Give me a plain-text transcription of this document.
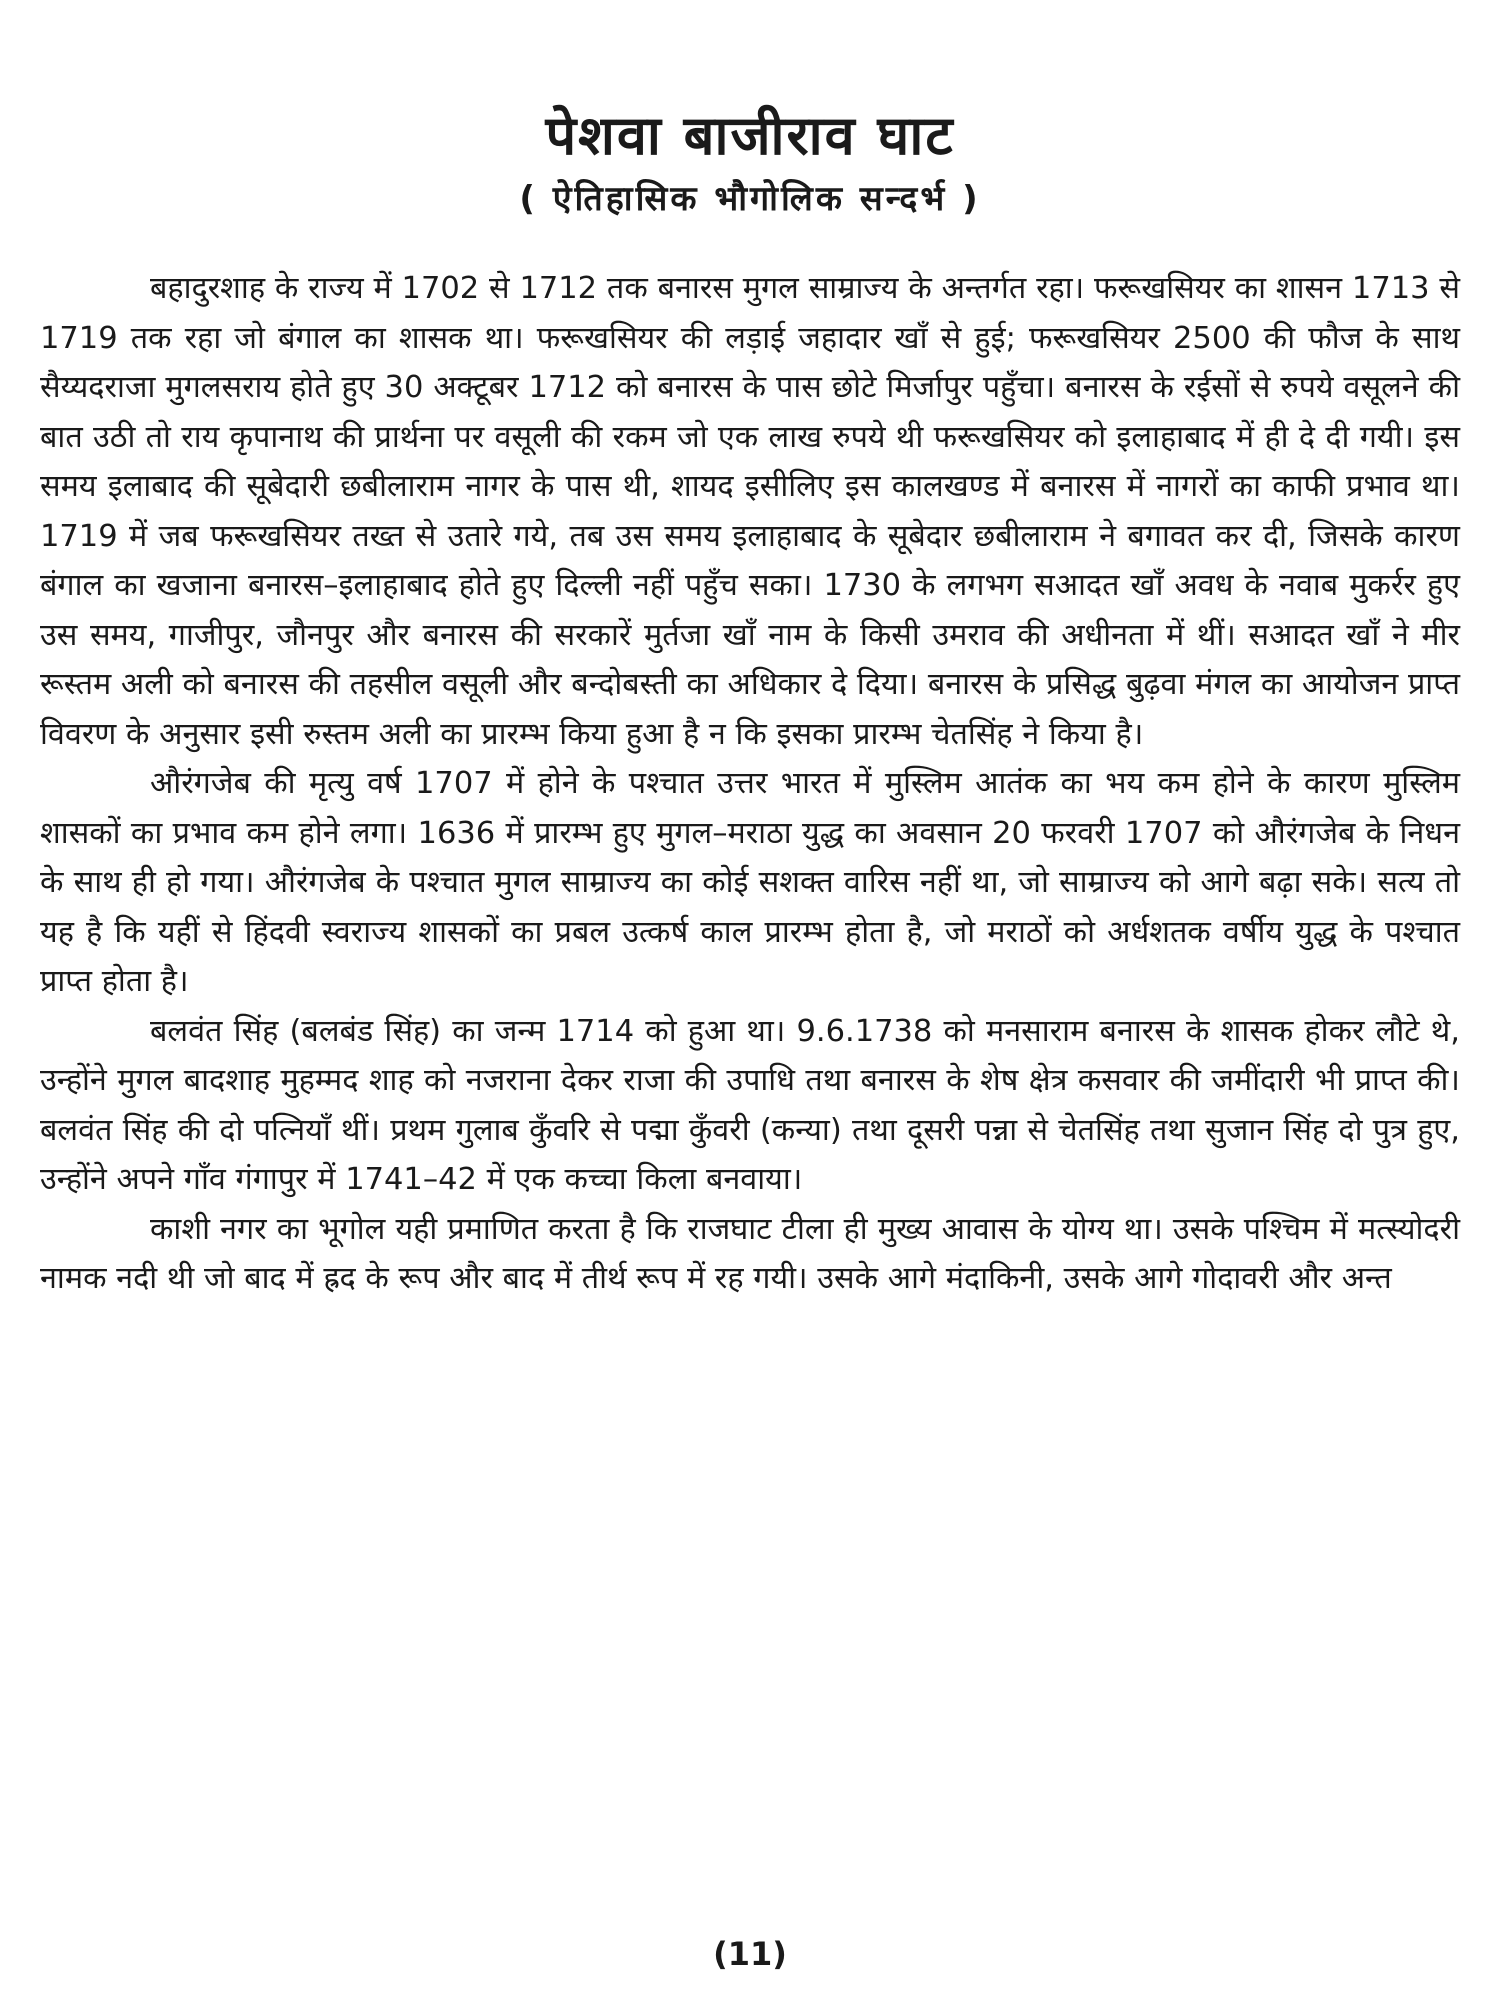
पेशवा बाजीराव घाट
( ऐतिहासिक भौगोलिक सन्दर्भ )

बहादुरशाह के राज्य में 1702 से 1712 तक बनारस मुगल साम्राज्य के अन्तर्गत रहा। फरूखसियर का शासन 1713 से 1719 तक रहा जो बंगाल का शासक था। फरूखसियर की लड़ाई जहादार खाँ से हुई; फरूखसियर 2500 की फौज के साथ सैय्यदराजा मुगलसराय होते हुए 30 अक्टूबर 1712 को बनारस के पास छोटे मिर्जापुर पहुँचा। बनारस के रईसों से रुपये वसूलने की बात उठी तो राय कृपानाथ की प्रार्थना पर वसूली की रकम जो एक लाख रुपये थी फरूखसियर को इलाहाबाद में ही दे दी गयी। इस समय इलाबाद की सूबेदारी छबीलाराम नागर के पास थी, शायद इसीलिए इस कालखण्ड में बनारस में नागरों का काफी प्रभाव था। 1719 में जब फरूखसियर तख्त से उतारे गये, तब उस समय इलाहाबाद के सूबेदार छबीलाराम ने बगावत कर दी, जिसके कारण बंगाल का खजाना बनारस–इलाहाबाद होते हुए दिल्ली नहीं पहुँच सका। 1730 के लगभग सआदत खाँ अवध के नवाब मुकर्रर हुए उस समय, गाजीपुर, जौनपुर और बनारस की सरकारें मुर्तजा खाँ नाम के किसी उमराव की अधीनता में थीं। सआदत खाँ ने मीर रूस्तम अली को बनारस की तहसील वसूली और बन्दोबस्ती का अधिकार दे दिया। बनारस के प्रसिद्ध बुढ़वा मंगल का आयोजन प्राप्त विवरण के अनुसार इसी रुस्तम अली का प्रारम्भ किया हुआ है न कि इसका प्रारम्भ चेतसिंह ने किया है।

औरंगजेब की मृत्यु वर्ष 1707 में होने के पश्चात उत्तर भारत में मुस्लिम आतंक का भय कम होने के कारण मुस्लिम शासकों का प्रभाव कम होने लगा। 1636 में प्रारम्भ हुए मुगल–मराठा युद्ध का अवसान 20 फरवरी 1707 को औरंगजेब के निधन के साथ ही हो गया। औरंगजेब के पश्चात मुगल साम्राज्य का कोई सशक्त वारिस नहीं था, जो साम्राज्य को आगे बढ़ा सके। सत्य तो यह है कि यहीं से हिंदवी स्वराज्य शासकों का प्रबल उत्कर्ष काल प्रारम्भ होता है, जो मराठों को अर्धशतक वर्षीय युद्ध के पश्चात प्राप्त होता है।

बलवंत सिंह (बलबंड सिंह) का जन्म 1714 को हुआ था। 9.6.1738 को मनसाराम बनारस के शासक होकर लौटे थे, उन्होंने मुगल बादशाह मुहम्मद शाह को नजराना देकर राजा की उपाधि तथा बनारस के शेष क्षेत्र कसवार की जमींदारी भी प्राप्त की। बलवंत सिंह की दो पत्नियाँ थीं। प्रथम गुलाब कुँवरि से पद्मा कुँवरी (कन्या) तथा दूसरी पन्ना से चेतसिंह तथा सुजान सिंह दो पुत्र हुए, उन्होंने अपने गाँव गंगापुर में 1741–42 में एक कच्चा किला बनवाया।

काशी नगर का भूगोल यही प्रमाणित करता है कि राजघाट टीला ही मुख्य आवास के योग्य था। उसके पश्चिम में मत्स्योदरी नामक नदी थी जो बाद में ह्रद के रूप और बाद में तीर्थ रूप में रह गयी। उसके आगे मंदाकिनी, उसके आगे गोदावरी और अन्त

(11)
